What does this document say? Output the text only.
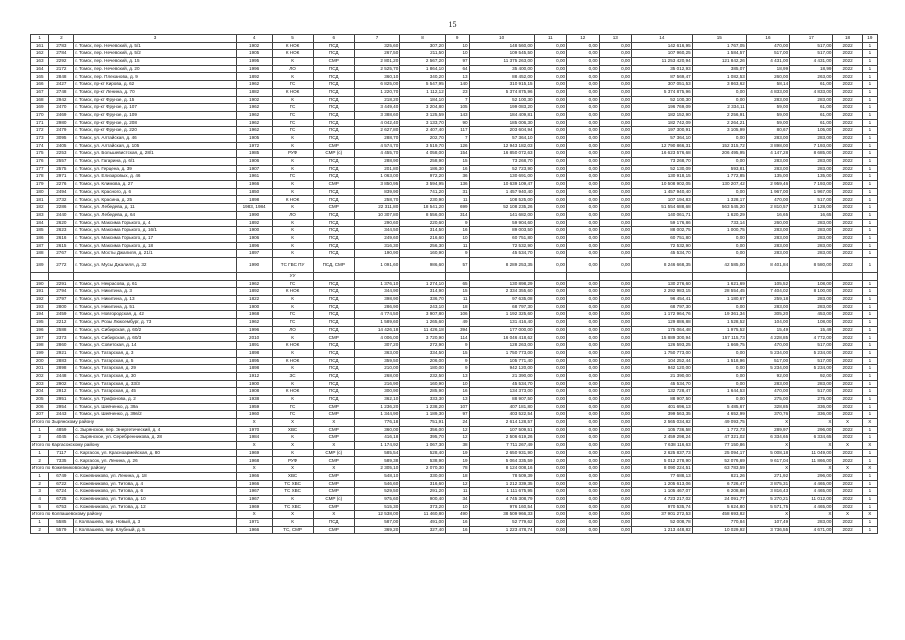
15
1	2	3	4	5	6	7	8	9	10	11	12	13	14	15	16	17	18	19
161	2783	г. Томск, пер. Нечевский, д. 5/1	1902	К НОК	ПСД	325,60	307,20	10	148 560,00	0,00	0,00	0,00	142 616,95	1 767,05	470,00	517,00	2022	1
162	2784	г. Томск, пер. Нечевский, д. 5/2	1905	К НОК	ПСД	267,50	211,50	10	109 545,50	0,00	0,00	0,00	107 960,25	1 584,57	517,00	517,00	2022	1
163	2292	г. Томск, пер. Нечевский, д. 15	1995	К	СМР	2 801,20	2 567,20	97	11 375 263,00	0,00	0,00	0,00	11 253 420,94	121 842,26	4 431,00	4 431,00	2022	1
164	2172	г. Томск, пер. Нечевский, д. 20	1996	ЛО	ПСД	2 525,70	1 864,10	64	35 400,00	0,00	0,00	0,00	35 012,93	385,07	18,99	18,99	2022	1
165	2848	г. Томск, пер. Плеханова, д. 9	1892	К	ПСД	360,10	340,20	13	88 452,00	0,00	0,00	0,00	87 569,47	1 082,53	260,00	263,00	2022	1
166	2427	г. Томск, пр-кт Кирова, д. 62	1962	ГС	ПСД	6 825,00	5 547,95	140	310 915,15	0,00	0,00	0,00	307 051,53	3 863,62	58,14	61,00	2022	1
167	2748	г. Томск, пр-кт Ленина, д. 70	1882	К НОК	ПСД	1 220,70	1 112,12	23	5 374 875,96	0,00	0,00	0,00	5 374 875,96	0,00	4 833,00	4 833,00	2022	1
168	2942	г. Томск, пр-кт Фрунзе, д. 15	1902	К	ПСД	218,20	184,10	7	52 100,30	0,00	0,00	0,00	52 100,30	0,00	283,00	283,00	2022	1
169	2470	г. Томск, пр-кт Фрунзе, д. 107	1962	ГС	ПСД	3 449,40	3 204,80	105	199 083,20	0,00	0,00	0,00	196 769,09	2 334,11	59,00	61,00	2022	1
170	2469	г. Томск, пр-кт Фрунзе, д. 109	1962	ГС	ПСД	3 388,60	3 125,59	143	184 409,81	0,00	0,00	0,00	182 152,90	2 256,91	59,00	61,00	2022	1
171	2980	г. Томск, пр-кт Фрунзе, д. 208	1962	ГС	ПСД	4 042,40	3 133,70	90	185 006,30	0,00	0,00	0,00	182 742,09	2 264,21	59,00	61,00	2022	1
172	2479	г. Томск, пр-кт Фрунзе, д. 220	1962	ГС	ПСД	2 627,80	2 407,40	117	203 604,94	0,00	0,00	0,00	197 300,91	3 105,99	80,67	105,00	2022	1
173	3095	г. Томск, ул. Алтайская, д. 46	1905	К	ПСД	288,70	202,70	7	57 364,10	0,00	0,00	0,00	57 364,10	0,00	283,00	283,00	2022	1
174	2405	г. Томск, ул. Алтайская, д. 105	1972	К	СМР	4 574,70	3 519,70	126	12 943 182,03	0,00	0,00	0,00	12 790 866,31	152 315,72	3 898,00	7 193,00	2022	1
175	2253	г. Томск, ул. Большевистская, д. 28/1	1985	РУФ	СМР (с)	4 455,70	4 058,00	154	16 850 072,63	0,00	0,00	0,00	16 623 576,68	206 495,95	4 147,28	8 685,00	2022	1
176	2557	г. Томск, ул. Гагарина, д. 6/1	1906	К	ПСД	288,90	258,90	15	73 268,70	0,00	0,00	0,00	73 268,70	0,00	283,00	283,00	2022	1
177	2575	г. Томск, ул. Герцена, д. 39	1907	К	ПСД	201,80	186,30	16	52 723,90	0,00	0,00	0,00	52 130,09	593,81	283,00	283,00	2022	1
178	2971	г. Томск, ул. Елизаровых, д. 46	1961	ГС	ПСД	1 063,00	972,20	36	130 691,00	0,00	0,00	0,00	130 918,15	1 772,85	135,00	135,00	2022	1
179	2276	г. Томск, ул. Климова, д. 27	1966	К	СМР	3 850,95	3 594,95	136	10 639 109,47	0,00	0,00	0,00	10 508 902,05	130 207,42	2 959,46	7 193,00	2022	1
180	2494	г. Томск, ул. Красного, д. 6	1850	К	ПСД	839,90	741,20	31	1 457 940,40	0,00	0,00	0,00	1 457 940,40	0,00	1 967,00	1 967,00	2022	1
181	2732	г. Томск, ул. Красина, д. 25	1898	К НОК	ПСД	258,70	230,90	11	108 525,00	0,00	0,00	0,00	107 194,83	1 328,17	470,00	517,00	2022	1
182	2286	г. Томск, ул. Лебедева, д. 11	1983, 1984	К	СМР	22 311,80	18 541,20	699	52 108 235,26	0,00	0,00	0,00	51 554 688,68	563 545,20	2 810,57	3 128,00	2022	1
183	2440	г. Томск, ул. Лебедева, д. 64	1990	ЛО	ПСД	10 307,80	8 556,00	314	141 682,00	0,00	0,00	0,00	140 061,71	1 620,29	16,65	16,65	2022	1
184	2620	г. Томск, ул. Максима Горького, д. 4	1892	К	ПСД	290,60	220,60	9	59 904,60	0,00	0,00	0,00	59 176,86	733,14	260,00	283,00	2022	1
185	2623	г. Томск, ул. Максима Горького, д. 16/1	1900	К	ПСД	344,50	314,50	16	89 003,50	0,00	0,00	0,00	88 002,75	1 000,75	283,00	283,00	2022	1
186	2616	г. Томск, ул. Максима Горького, д. 17	1906	К	ПСД	249,60	216,60	10	60 751,80	0,00	0,00	0,00	60 751,80	0,00	283,00	283,00	2022	1
187	2615	г. Томск, ул. Максима Горького, д. 18	1896	К	ПСД	316,30	256,30	11	72 532,90	0,00	0,00	0,00	72 532,90	0,00	283,00	283,00	2022	1
188	2767	г. Томск, ул. Мосты Джалиля, д. 21/1	1897	К	ПСД	190,90	160,90	9	45 534,70	0,00	0,00	0,00	45 534,70	0,00	283,00	283,00	2022	1
189	2772	г. Томск, ул. Мусы Джалиля, д. 32	1990	ТС ГВС ПУ	ПСД, СМР	1 091,60	986,60	57	8 289 253,35	0,00	0,00	0,00	8 246 668,35	42 585,00	8 401,84	8 580,00	2022	1
				УУ														
190	2291	г. Томск, ул. Некрасова, д. 61	1962	ГС	ПСД	1 376,10	1 274,10	65	130 898,29	0,00	0,00	0,00	130 276,60	1 621,69	105,52	108,00	2022	1
191	2794	г. Томск, ул. Никитина, д. 3	1892	К НОК	ПСД	344,90	314,90	15	2 334 355,60	0,00	0,00	0,00	2 292 983,15	28 554,45	7 404,02	8 100,00	2022	1
192	2797	г. Томск, ул. Никитина, д. 13	1822	К	ПСД	398,90	336,70	11	97 635,08	0,00	0,00	0,00	96 454,41	1 180,67	259,18	283,00	2022	1
193	2800	г. Томск, ул. Никитина, д. 51	1900	К	ПСД	286,90	243,10	18	68 797,30	0,00	0,00	0,00	68 797,30	0,00	283,00	283,00	2022	1
194	2459	г. Томск, ул. Новгородская, д. 42	1968	ГС	ПСД	4 774,50	3 907,80	106	1 192 325,60	0,00	0,00	0,00	1 172 964,76	19 361,34	305,20	453,00	2022	1
195	2212	г. Томск, ул. Розы Люксембург, д. 73	1962	ГС	ПСД	1 589,60	1 265,60	49	131 416,40	0,00	0,00	0,00	129 886,88	1 528,52	104,00	108,00	2022	1
196	2588	г. Томск, ул. Сибирская, д. 60/2	1996	ЛО	ПСД	14 426,18	11 426,18	394	177 000,00	0,00	0,00	0,00	175 064,48	1 975,52	15,49	15,49	2022	1
197	2373	г. Томск, ул. Сибирская, д. 60/3	2010	К	СМР	4 006,00	3 720,90	114	16 046 418,62	0,00	0,00	0,00	15 889 300,94	157 115,73	4 228,85	4 772,00	2022	1
198	2860	г. Томск, ул. Советская, д. 14	1891	К НОК	ПСД	307,20	272,90	9	128 263,00	0,00	0,00	0,00	126 593,25	1 669,75	470,00	517,00	2022	1
199	2921	г. Томск, ул. Татарская, д. 3	1898	К	ПСД	363,00	334,50	15	1 750 773,00	0,00	0,00	0,00	1 750 773,00	0,00	5 234,00	5 234,00	2022	1
200	2883	г. Томск, ул. Татарская, д. 5	1895	К НОК	ПСД	359,50	206,00	9	105 771,40	0,00	0,00	0,00	104 252,44	1 518,96	517,00	517,00	2022	1
201	2898	г. Томск, ул. Татарская, д. 29	1898	К	ПСД	210,00	180,00	9	942 120,00	0,00	0,00	0,00	942 120,00	0,00	5 234,00	5 234,00	2022	1
202	2448	г. Томск, ул. Татарская, д. 30	1912	ЗС	ПСД	268,00	232,50	13	21 390,00	0,00	0,00	0,00	21 390,00	0,00	92,00	92,00	2022	1
203	2902	г. Томск, ул. Татарская, д. 33/3	1900	К	ПСД	216,90	160,90	10	45 534,70	0,00	0,00	0,00	45 534,70	0,00	283,00	283,00	2022	1
204	2912	г. Томск, ул. Татарская, д. 45	1908	К НОК	ПСД	300,90	285,90	16	134 373,00	0,00	0,00	0,00	132 728,47	1 644,53	470,00	517,00	2022	1
205	2951	г. Томск, ул. Трифонова, д. 2	1938	К	ПСД	362,10	333,30	13	88 907,50	0,00	0,00	0,00	88 907,50	0,00	275,00	275,00	2022	1
206	2954	г. Томск, ул. Шевченко, д. 39а	1959	ГС	СМР	1 236,20	1 238,20	107	407 181,80	0,00	0,00	0,00	401 696,13	5 485,67	328,85	336,00	2022	1
207	2443	г. Томск, ул. Шевченко, д. 39в/2	1960	ГС	СМР	1 344,90	1 189,30	97	403 522,54	0,00	0,00	0,00	399 563,35	4 652,99	370,76	336,00	2022	1
Итого по Зырянскому району			X	X	X	776,18	751,91	24	2 614 128,57	0,00	0,00	0,00	2 565 034,82	49 093,75	X	X	X	X
1	4859	с. Зырянское, пер. Энергетический, д. 4	1970	ХВС	СМР	360,00	356,00	12	107 509,51	0,00	0,00	0,00	105 736,58	1 772,73	289,97	296,00	2022	1
2	4045	с. Зырянское, ул. Серебренникова, д. 28	1984	К	СМР	416,18	395,70	12	2 506 619,26	0,00	0,00	0,00	2 459 298,24	47 321,02	6 334,65	6 334,65	2022	1
Итого по Каргасокскому району			X	X	X	1 174,92	1 067,30	38	7 711 267,49	0,00	0,00	0,00	7 638 116,63	77 150,86	X	X	X	X
1	7117	с. Каргасок, ул. Красноармейская, д. 80	1969	К	СМР (с)	585,54	528,40	19	2 650 931,90	0,00	0,00	0,00	2 625 837,73	25 094,17	5 008,18	11 049,00	2022	1
2	7335	с. Каргасок, ул. Ленина, д. 26	1968	РУФ	СМР	589,38	538,90	19	5 064 335,59	0,00	0,00	0,00	5 012 278,90	52 076,69	9 617,04	11 866,00	2022	1
Итого по Кожевниковскому району			X	X	X	2 305,10	2 070,30	78	8 124 008,16	0,00	0,00	0,00	8 090 224,51	63 783,59	X	X	X	X
1	6749	с. Кожевниково, ул. Ленина, д. 18	1966	ХВС	СМР	548,10	330,00	18	78 509,39	0,00	0,00	0,00	77 688,13	821,26	271,92	296,00	2022	1
2	6722	с. Кожевниково, ул. Титова, д. 4	1966	ТС ХВС	СМР	546,60	316,60	12	1 212 339,35	0,00	0,00	0,00	1 205 613,06	6 726,47	3 875,31	4 465,00	2022	1
3	6724	с. Кожевниково, ул. Титова, д. 6	1967	ТС ХВС	СМР	529,50	291,20	11	1 111 675,95	0,00	0,00	0,00	1 105 467,07	6 208,88	3 816,43	4 465,00	2022	1
4	6725	с. Кожевниково, ул. Титова, д. 10	1967	К	СМР (с)	975,60	900,40	34	4 745 308,79	0,00	0,00	0,00	4 723 217,02	24 091,77	5 270,21	11 012,00	2022	1
5	6753	с. Кожевниково, ул. Титова, д. 12	1969	ТС ХВС	СМР	515,30	373,20	10	976 160,54	0,00	0,00	0,00	970 535,74	5 624,80	5 571,75	4 465,00	2022	1
Итого по Колпашевскому району			X	X	X	12 538,00	11 460,80	490	38 509 966,33	0,00	0,00	0,00	37 901 272,53	458 693,82	X	X	X	X
1	5585	г. Колпашево, пер. Новый, д. 3	1971	К	ПСД	587,00	491,00	16	52 779,62	0,00	0,00	0,00	52 008,78	770,84	107,49	283,00	2022	1
2	5579	г. Колпашево, пер. Клубный, д. 5	1966	ТС, СМР	СМР	369,20	327,40	16	1 223 478,74	0,00	0,00	0,00	1 213 448,82	10 029,92	3 736,55	4 671,00	2022	1
